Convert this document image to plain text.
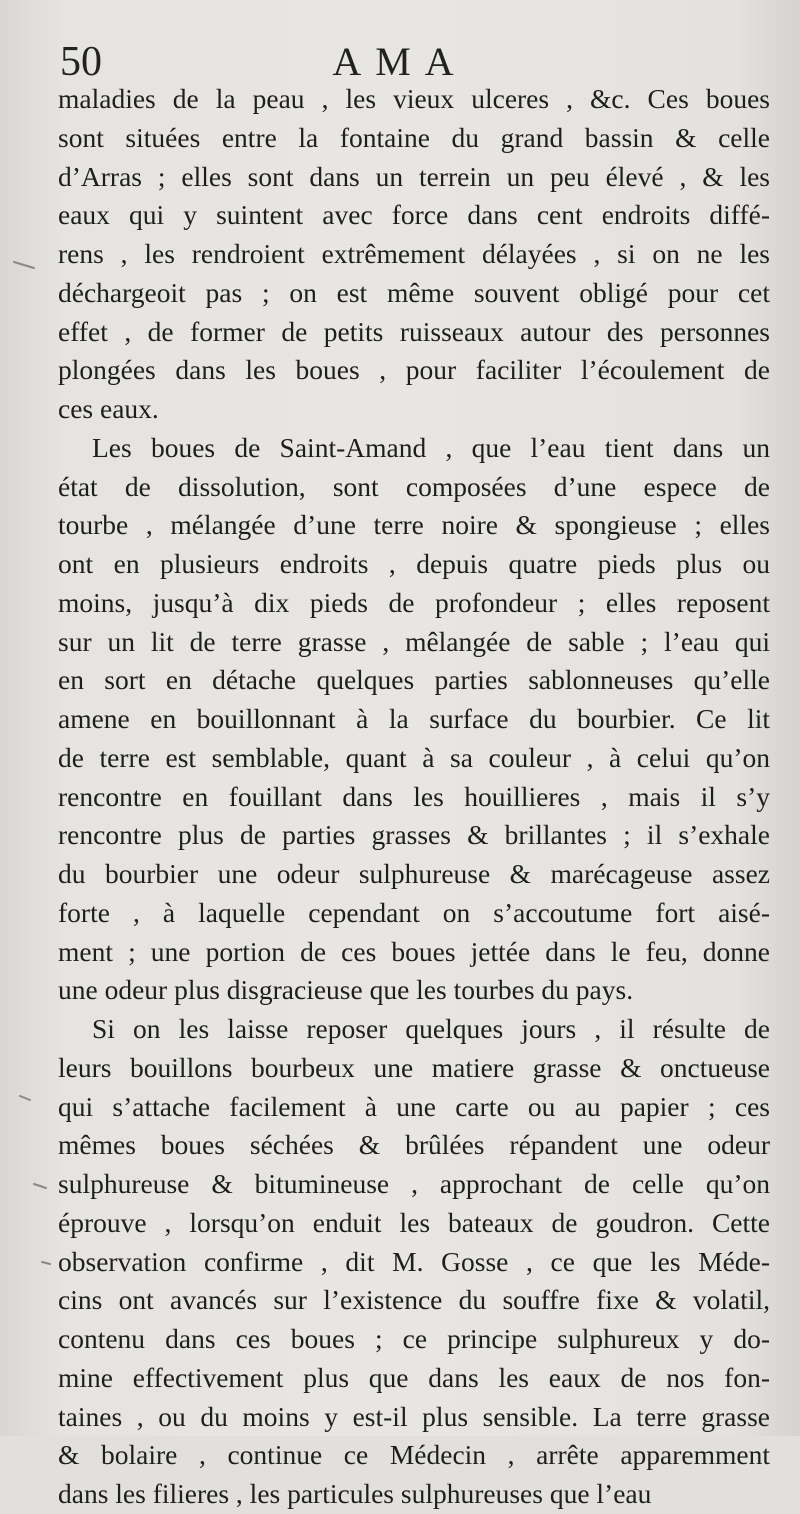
50	AMA
maladies de la peau , les vieux ulceres , &c. Ces boues
sont situées entre la fontaine du grand bassin & celle
d’Arras ; elles sont dans un terrein un peu élevé , & les
eaux qui y suintent avec force dans cent endroits diffé-
rens , les rendroient extrêmement délayées , si on ne les
déchargeoit pas ; on est même souvent obligé pour cet
effet , de former de petits ruisseaux autour des personnes
plongées dans les boues , pour faciliter l’écoulement de
ces eaux.
Les boues de Saint-Amand , que l’eau tient dans un
état de dissolution, sont composées d’une espece de
tourbe , mélangée d’une terre noire & spongieuse ; elles
ont en plusieurs endroits , depuis quatre pieds plus ou
moins, jusqu’à dix pieds de profondeur ; elles reposent
sur un lit de terre grasse , mêlangée de sable ; l’eau qui
en sort en détache quelques parties sablonneuses qu’elle
amene en bouillonnant à la surface du bourbier. Ce lit
de terre est semblable, quant à sa couleur , à celui qu’on
rencontre en fouillant dans les houillieres , mais il s’y
rencontre plus de parties grasses & brillantes ; il s’exhale
du bourbier une odeur sulphureuse & marécageuse assez
forte , à laquelle cependant on s’accoutume fort aisé-
ment ; une portion de ces boues jettée dans le feu, donne
une odeur plus disgracieuse que les tourbes du pays.
Si on les laisse reposer quelques jours , il résulte de
leurs bouillons bourbeux une matiere grasse & onctueuse
qui s’attache facilement à une carte ou au papier ; ces
mêmes boues séchées & brûlées répandent une odeur
sulphureuse & bitumineuse , approchant de celle qu’on
éprouve , lorsqu’on enduit les bateaux de goudron. Cette
observation confirme , dit M. Gosse , ce que les Méde-
cins ont avancés sur l’existence du souffre fixe & volatil,
contenu dans ces boues ; ce principe sulphureux y do-
mine effectivement plus que dans les eaux de nos fon-
taines , ou du moins y est-il plus sensible. La terre grasse
& bolaire , continue ce Médecin , arrête apparemment
dans les filieres , les particules sulphureuses que l’eau
